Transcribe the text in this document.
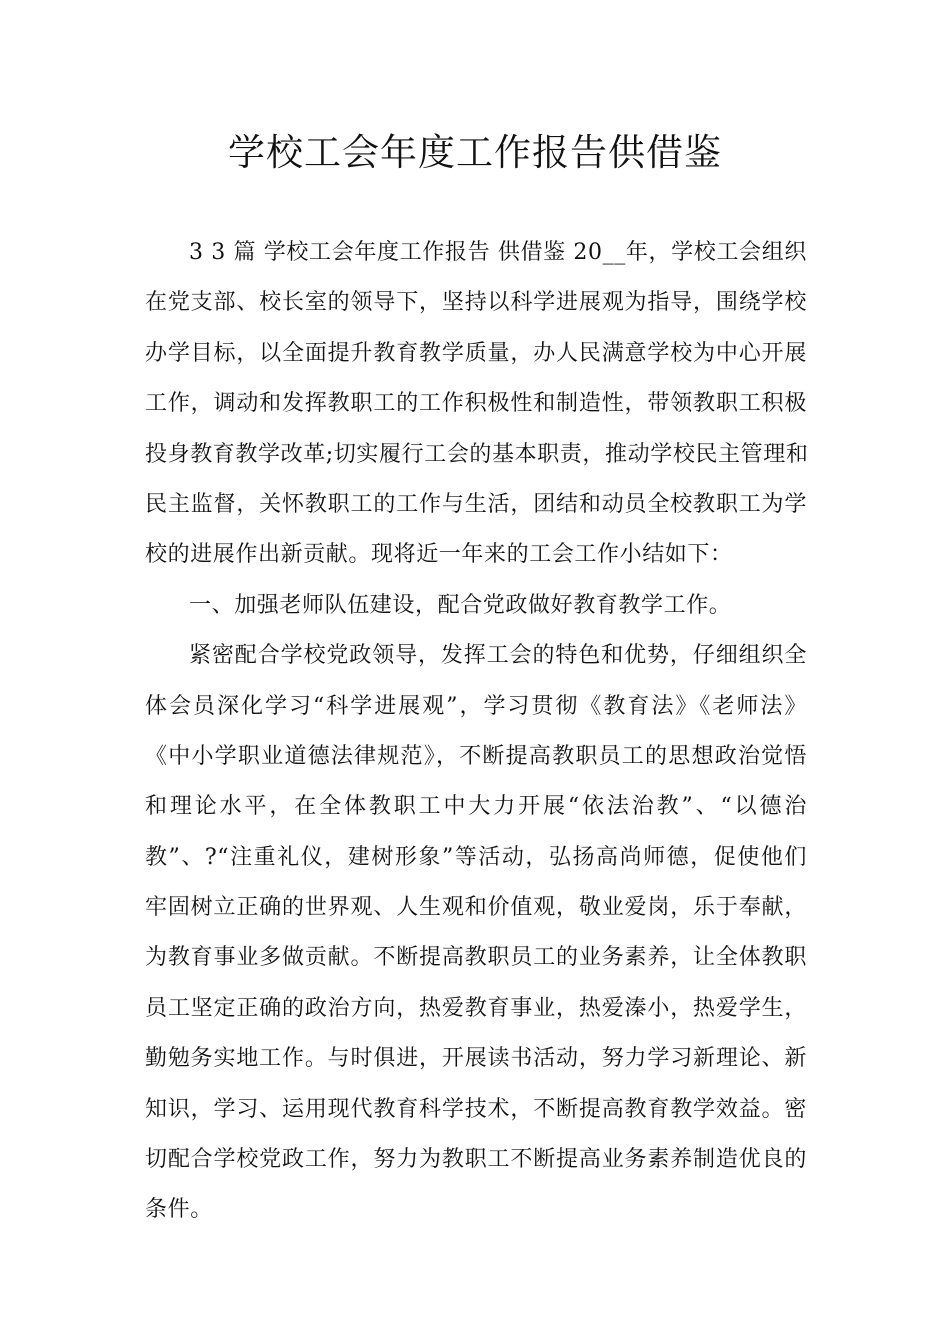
学校工会年度工作报告供借鉴
3 3 篇 学校工会年度工作报告 供借鉴 20__年，学校工会组织
在党支部、校长室的领导下，坚持以科学进展观为指导，围绕学校
办学目标，以全面提升教育教学质量，办人民满意学校为中心开展
工作，调动和发挥教职工的工作积极性和制造性，带领教职工积极
投身教育教学改革;切实履行工会的基本职责，推动学校民主管理和
民主监督，关怀教职工的工作与生活，团结和动员全校教职工为学
校的进展作出新贡献。现将近一年来的工会工作小结如下：
一、加强老师队伍建设，配合党政做好教育教学工作。
紧密配合学校党政领导，发挥工会的特色和优势，仔细组织全
体会员深化学习“科学进展观”，学习贯彻《教育法》《老师法》
《中小学职业道德法律规范》，不断提高教职员工的思想政治觉悟
和理论水平，在全体教职工中大力开展“依法治教”、“以德治
教”、?“注重礼仪，建树形象”等活动，弘扬高尚师德，促使他们
牢固树立正确的世界观、人生观和价值观，敬业爱岗，乐于奉献，
为教育事业多做贡献。不断提高教职员工的业务素养，让全体教职
员工坚定正确的政治方向，热爱教育事业，热爱溱小，热爱学生，
勤勉务实地工作。与时俱进，开展读书活动，努力学习新理论、新
知识，学习、运用现代教育科学技术，不断提高教育教学效益。密
切配合学校党政工作，努力为教职工不断提高业务素养制造优良的
条件。
